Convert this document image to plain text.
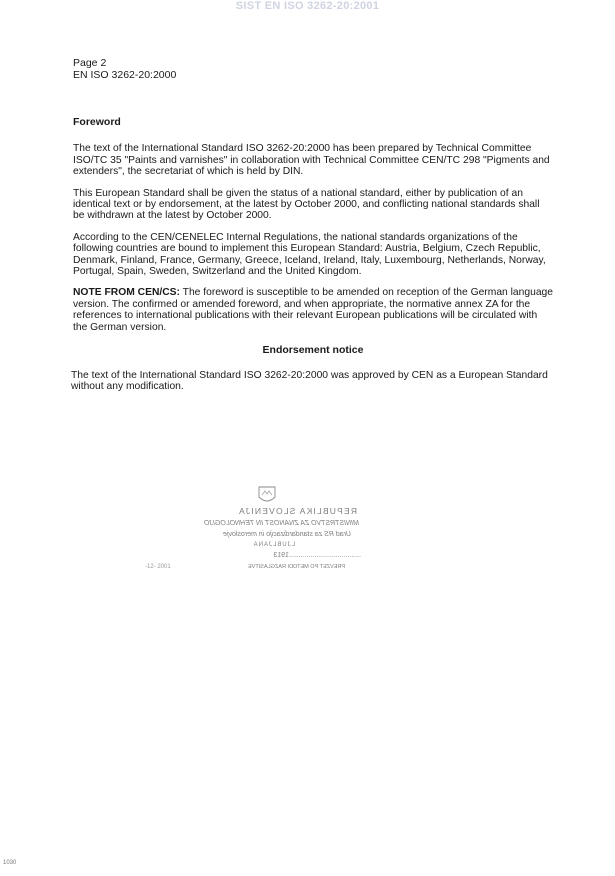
SIST EN ISO 3262-20:2001
Page 2
EN ISO 3262-20:2000
Foreword

The text of the International Standard ISO 3262-20:2000 has been prepared by Technical Committee ISO/TC 35 "Paints and varnishes" in collaboration with Technical Committee CEN/TC 298 "Pigments and extenders", the secretariat of which is held by DIN.

This European Standard shall be given the status of a national standard, either by publication of an identical text or by endorsement, at the latest by October 2000, and conflicting national standards shall be withdrawn at the latest by October 2000.

According to the CEN/CENELEC Internal Regulations, the national standards organizations of the following countries are bound to implement this European Standard: Austria, Belgium, Czech Republic, Denmark, Finland, France, Germany, Greece, Iceland, Ireland, Italy, Luxembourg, Netherlands, Norway, Portugal, Spain, Sweden, Switzerland and the United Kingdom.

NOTE FROM CEN/CS: The foreword is susceptible to be amended on reception of the German language version. The confirmed or amended foreword, and when appropriate, the normative annex ZA for the references to international publications with their relevant European publications will be circulated with the German version.

Endorsement notice

The text of the International Standard ISO 3262-20:2000 was approved by CEN as a European Standard without any modification.

REPUBLIKA SLOVENIJA
MINISTRSTVO ZA ZNANOST IN TEHNOLOGIJO
Urad RS za standardizacijo in meroslovje
LJUBLJANA
.....................................1913
PREVZET PO METODI RAZGLASITVE
-12- 2001
1030
